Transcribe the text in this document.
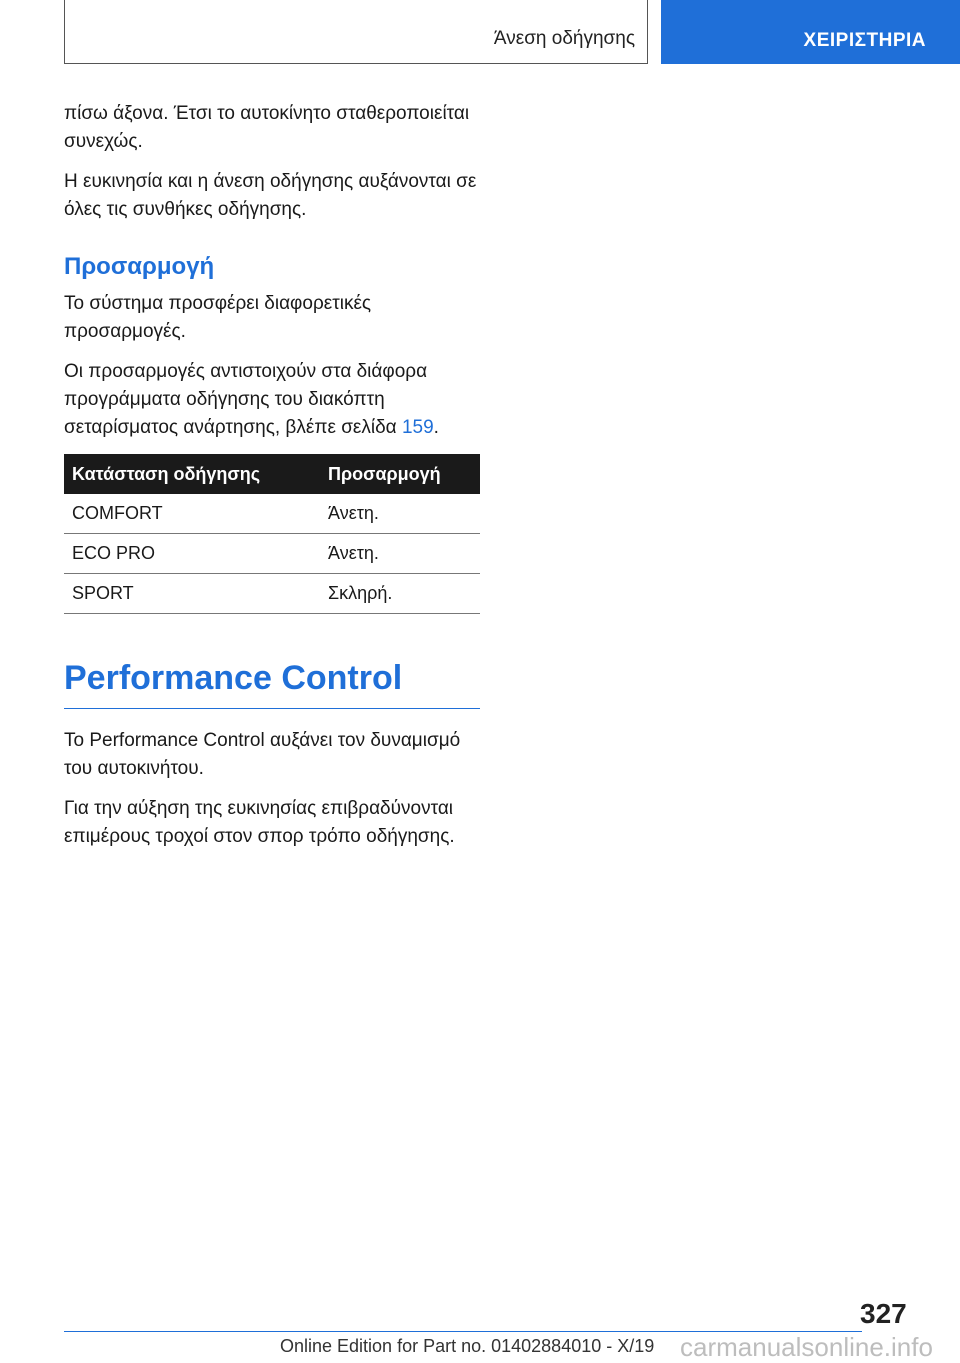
Άνεση οδήγησης	ΧΕΙΡΙΣΤΗΡΙΑ

πίσω άξονα. Έτσι το αυτοκίνητο σταθεροποιείται συνεχώς.

Η ευκινησία και η άνεση οδήγησης αυξάνονται σε όλες τις συνθήκες οδήγησης.

Προσαρμογή

Το σύστημα προσφέρει διαφορετικές προσαρμογές.

Οι προσαρμογές αντιστοιχούν στα διάφορα προγράμματα οδήγησης του διακόπτη σεταρίσματος ανάρτησης, βλέπε σελίδα 159.

Κατάσταση οδήγησης	Προσαρμογή
COMFORT	Άνετη.
ECO PRO	Άνετη.
SPORT	Σκληρή.
Performance Control

Το Performance Control αυξάνει τον δυναμισμό του αυτοκινήτου.

Για την αύξηση της ευκινησίας επιβραδύνονται επιμέρους τροχοί στον σπορ τρόπο οδήγησης.

327
Online Edition for Part no. 01402884010 - X/19 carmanualsonline.info
